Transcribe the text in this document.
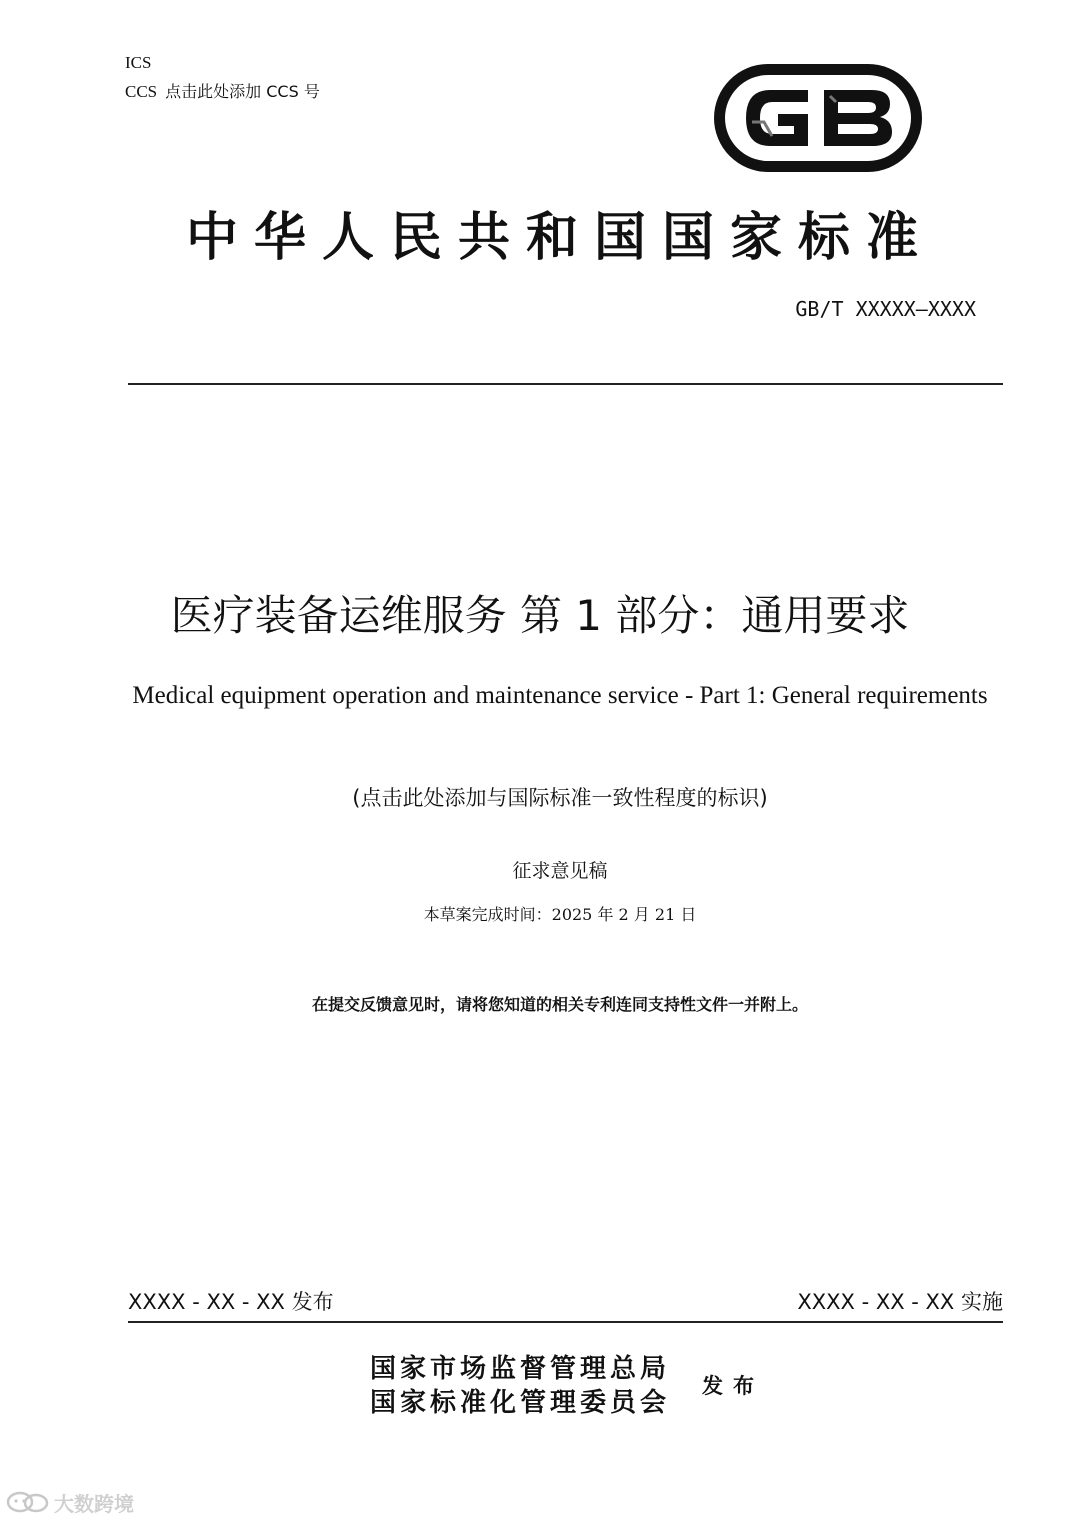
ICS
CCS 点击此处添加 CCS 号
中华人民共和国国家标准
GB/T XXXXX—XXXX
医疗装备运维服务 第 1 部分：通用要求
Medical equipment operation and maintenance service - Part 1: General requirements
(点击此处添加与国际标准一致性程度的标识)
征求意见稿
本草案完成时间：2025 年 2 月 21 日
在提交反馈意见时，请将您知道的相关专利连同支持性文件一并附上。
XXXX - XX - XX 发布	XXXX - XX - XX 实施
国家市场监督管理总局
国家标准化管理委员会
发布
大数跨境
